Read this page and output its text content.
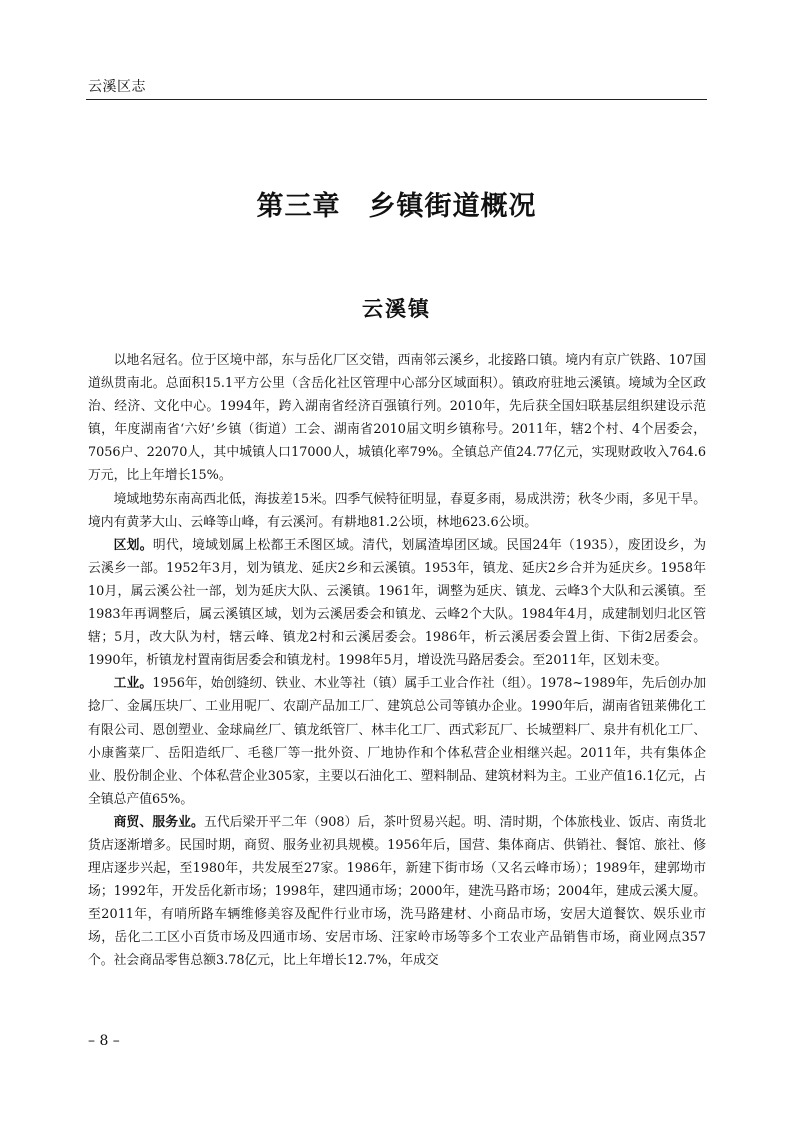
云溪区志
第三章　乡镇街道概况
云溪镇

以地名冠名。位于区境中部，东与岳化厂区交错，西南邻云溪乡，北接路口镇。境内有京广铁路、107国道纵贯南北。总面积15.1平方公里（含岳化社区管理中心部分区域面积）。镇政府驻地云溪镇。境域为全区政治、经济、文化中心。1994年，跨入湖南省经济百强镇行列。2010年，先后获全国妇联基层组织建设示范镇，年度湖南省‘六好’乡镇（街道）工会、湖南省2010届文明乡镇称号。2011年，辖2个村、4个居委会，7056户、22070人，其中城镇人口17000人，城镇化率79%。全镇总产值24.77亿元，实现财政收入764.6万元，比上年增长15%。

境域地势东南高西北低，海拔差15米。四季气候特征明显，春夏多雨，易成洪涝；秋冬少雨，多见干旱。境内有黄茅大山、云峰等山峰，有云溪河。有耕地81.2公顷，林地623.6公顷。

区划。明代，境域划属上松都王禾图区域。清代，划属渣埠团区域。民国24年（1935），废团设乡，为云溪乡一部。1952年3月，划为镇龙、延庆2乡和云溪镇。1953年，镇龙、延庆2乡合并为延庆乡。1958年10月，属云溪公社一部，划为延庆大队、云溪镇。1961年，调整为延庆、镇龙、云峰3个大队和云溪镇。至1983年再调整后，属云溪镇区域，划为云溪居委会和镇龙、云峰2个大队。1984年4月，成建制划归北区管辖；5月，改大队为村，辖云峰、镇龙2村和云溪居委会。1986年，析云溪居委会置上街、下街2居委会。1990年，析镇龙村置南街居委会和镇龙村。1998年5月，增设洗马路居委会。至2011年，区划未变。

工业。1956年，始创缝纫、铁业、木业等社（镇）属手工业合作社（组）。1978~1989年，先后创办加捻厂、金属压块厂、工业用呢厂、农副产品加工厂、建筑总公司等镇办企业。1990年后，湖南省钮莱佛化工有限公司、恩创塑业、金球扁丝厂、镇龙纸管厂、林丰化工厂、西式彩瓦厂、长城塑料厂、泉井有机化工厂、小康酱菜厂、岳阳造纸厂、毛毯厂等一批外资、厂地协作和个体私营企业相继兴起。2011年，共有集体企业、股份制企业、个体私营企业305家，主要以石油化工、塑料制品、建筑材料为主。工业产值16.1亿元，占全镇总产值65%。

商贸、服务业。五代后梁开平二年（908）后，茶叶贸易兴起。明、清时期，个体旅栈业、饭店、南货北货店逐渐增多。民国时期，商贸、服务业初具规模。1956年后，国营、集体商店、供销社、餐馆、旅社、修理店逐步兴起，至1980年，共发展至27家。1986年，新建下街市场（又名云峰市场）；1989年，建郭坳市场；1992年，开发岳化新市场；1998年，建四通市场；2000年，建洗马路市场；2004年，建成云溪大厦。至2011年，有哨所路车辆维修美容及配件行业市场，洗马路建材、小商品市场，安居大道餐饮、娱乐业市场，岳化二工区小百货市场及四通市场、安居市场、汪家岭市场等多个工农业产品销售市场，商业网点357个。社会商品零售总额3.78亿元，比上年增长12.7%，年成交

– 8 –
